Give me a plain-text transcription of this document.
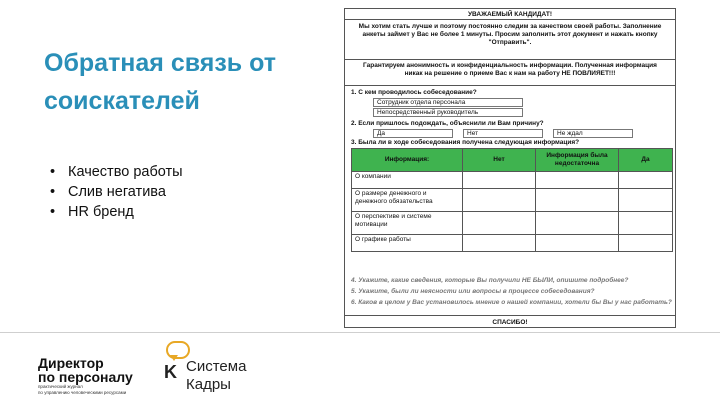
Обратная связь от соискателей
• Качество работы
• Слив негатива
• HR бренд
УВАЖАЕМЫЙ КАНДИДАТ!
Мы хотим стать лучше и поэтому постоянно следим за качеством своей работы. Заполнение анкеты займет у Вас не более 1 минуты. Просим заполнить этот документ и нажать кнопку "Отправить".
Гарантируем анонимность и конфиденциальность информации. Полученная информация никак на решение о приеме Вас к нам на работу НЕ ПОВЛИЯЕТ!!!
1. С кем проводилось собеседование?
Сотрудник отдела персонала
Непосредственный руководитель
2. Если пришлось подождать, объяснили ли Вам причину?
Да	Нет	Не ждал
3. Была ли в ходе собеседования получена следующая информация?
Информация:	Нет	Информация была недостаточна	Да
О компании			
О размере денежного и денежного обязательства			
О перспективе и системе мотивации			
О графике работы			
4. Укажите, какие сведения, которые Вы получили НЕ БЫЛИ, опишите подробнее?
5. Укажите, были ли неясности или вопросы в процессе собеседования?
6. Каков в целом у Вас установилось мнение о нашей компании, хотели бы Вы у нас работать?
СПАСИБО!
Директор
по персоналу
практический журнал
по управлению человеческими ресурсами
K Система
Кадры
